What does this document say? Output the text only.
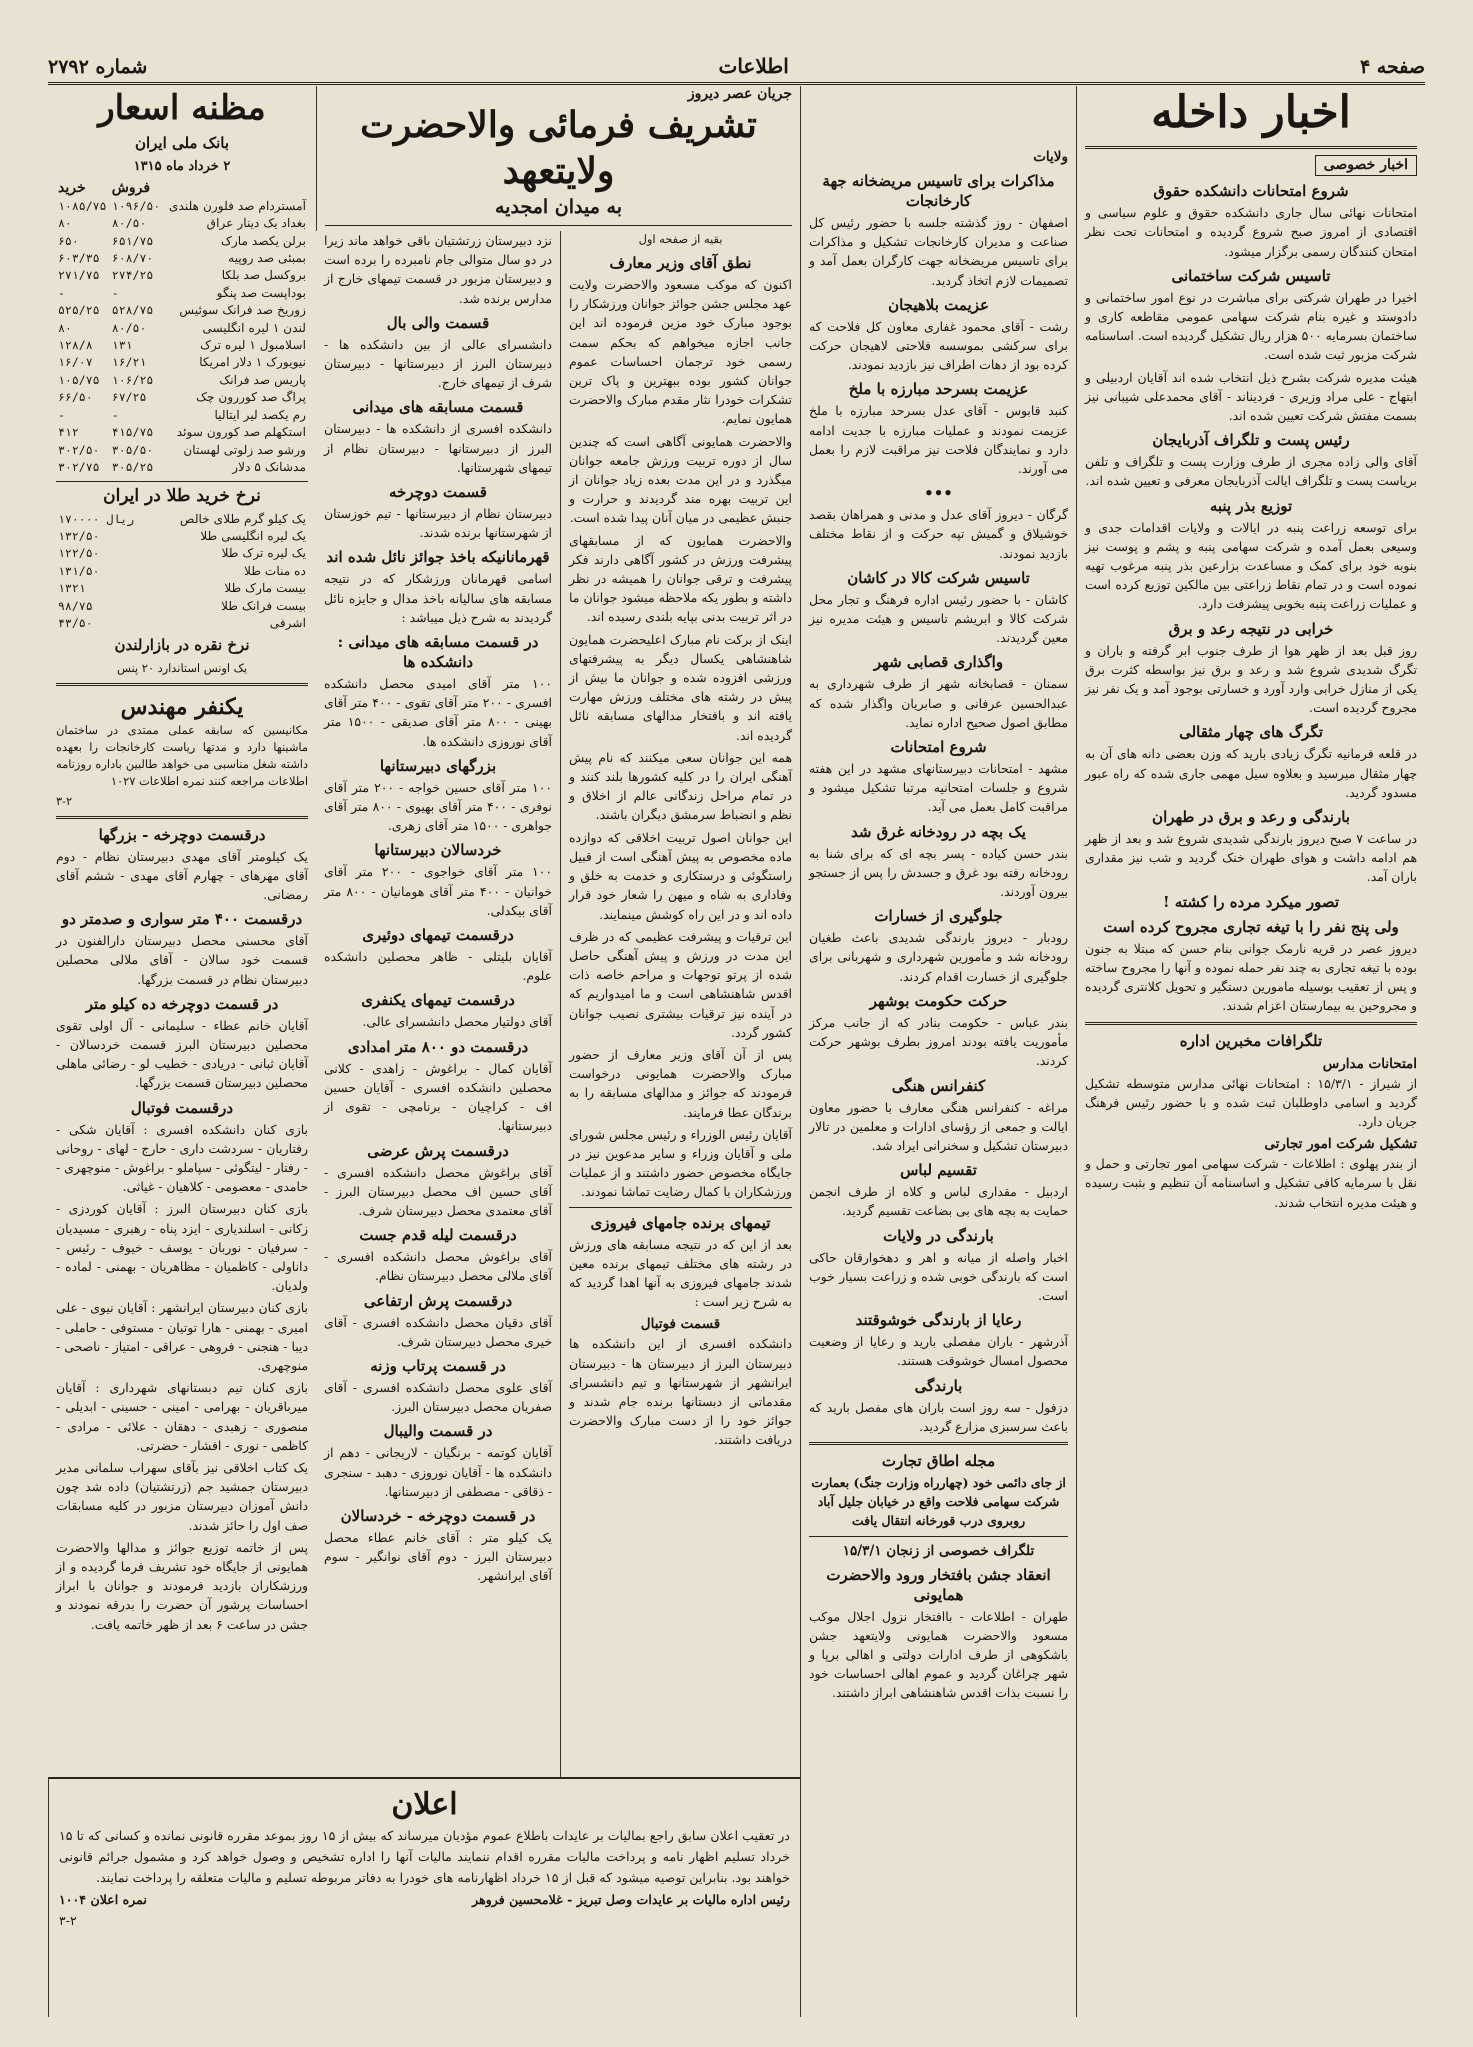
صفحه ۴
اطلاعات
شماره ۲۷۹۲
اخبار داخله
اخبار خصوصی
شروع امتحانات دانشکده حقوق

امتحانات نهائی سال جاری دانشکده حقوق و علوم سیاسی و اقتصادی از امروز صبح شروع گردیده و امتحانات تحت نظر امتحان کنندگان رسمی برگزار میشود.

تاسیس شرکت ساختمانی

اخیرا در طهران شرکتی برای مباشرت در نوع امور ساختمانی و دادوستد و غیره بنام شرکت سهامی عمومی مقاطعه کاری و ساختمان بسرمایه ۵۰۰ هزار ریال تشکیل گردیده است. اساسنامه شرکت مزبور ثبت شده است.

هیئت مدیره شرکت بشرح ذیل انتخاب شده اند آقایان اردبیلی و ابتهاج - علی مراد وزیری - فردیناند - آقای محمدعلی شیبانی نیز بسمت مفتش شرکت تعیین شده اند.

رئیس پست و تلگراف آذربایجان

آقای والی زاده مجری از طرف وزارت پست و تلگراف و تلفن بریاست پست و تلگراف ایالت آذربایجان معرفی و تعیین شده اند.

توزیع بذر پنبه

برای توسعه زراعت پنبه در ایالات و ولایات اقدامات جدی و وسیعی بعمل آمده و شرکت سهامی پنبه و پشم و پوست نیز بنوبه خود برای کمک و مساعدت بزارعین بذر پنبه مرغوب تهیه نموده است و در تمام نقاط زراعتی بین مالکین توزیع کرده است و عملیات زراعت پنبه بخوبی پیشرفت دارد.

خرابی در نتیجه رعد و برق

روز قبل بعد از ظهر هوا از طرف جنوب ابر گرفته و باران و تگرگ شدیدی شروع شد و رعد و برق نیز بواسطه کثرت برق یکی از منازل خرابی وارد آورد و خسارتی بوجود آمد و یک نفر نیز مجروح گردیده است.

تگرگ های چهار مثقالی

در قلعه فرمانیه تگرگ زیادی بارید که وزن بعضی دانه های آن به چهار مثقال میرسید و بعلاوه سیل مهمی جاری شده که راه عبور مسدود گردید.

بارندگی و رعد و برق در طهران

در ساعت ۷ صبح دیروز بارندگی شدیدی شروع شد و بعد از ظهر هم ادامه داشت و هوای طهران خنک گردید و شب نیز مقداری باران آمد.

تصور میکرد مرده را کشته !
ولی پنج نفر را با تیغه تجاری مجروح کرده است

دیروز عصر در قریه نارمک جوانی بنام حسن که مبتلا به جنون بوده با تیغه تجاری به چند نفر حمله نموده و آنها را مجروح ساخته و پس از تعقیب بوسیله مامورین دستگیر و تحویل کلانتری گردیده و مجروحین به بیمارستان اعزام شدند.

تلگرافات مخبرین اداره
امتحانات مدارس

از شیراز - ۱۵/۳/۱ : امتحانات نهائی مدارس متوسطه تشکیل گردید و اسامی داوطلبان ثبت شده و با حضور رئیس فرهنگ جریان دارد.

تشکیل شرکت امور تجارتی

از بندر پهلوی : اطلاعات - شرکت سهامی امور تجارتی و حمل و نقل با سرمایه کافی تشکیل و اساسنامه آن تنظیم و بثبت رسیده و هیئت مدیره انتخاب شدند.

ولایات
مذاکرات برای تاسیس مریضخانه جهة کارخانجات

اصفهان - روز گذشته جلسه با حضور رئیس کل صناعت و مدیران کارخانجات تشکیل و مذاکرات برای تاسیس مریضخانه جهت کارگران بعمل آمد و تصمیمات لازم اتخاذ گردید.

عزیمت بلاهیجان

رشت - آقای محمود غفاری معاون کل فلاحت که برای سرکشی بموسسه فلاحتی لاهیجان حرکت کرده بود از دهات اطراف نیز بازدید نمودند.

عزیمت بسرحد مبارزه با ملخ

کنبد قابوس - آقای عدل بسرحد مبارزه با ملخ عزیمت نمودند و عملیات مبارزه با جدیت ادامه دارد و نمایندگان فلاحت نیز مراقبت لازم را بعمل می آورند.

•••

گرگان - دیروز آقای عدل و مدنی و همراهان بقصد خوشیلاق و گمیش تپه حرکت و از نقاط مختلف بازدید نمودند.

تاسیس شرکت کالا در کاشان

کاشان - با حضور رئیس اداره فرهنگ و تجار محل شرکت کالا و ابریشم تاسیس و هیئت مدیره نیز معین گردیدند.

واگذاری قصابی شهر

سمنان - قصابخانه شهر از طرف شهرداری به عبدالحسین عرفانی و صابریان واگذار شده که مطابق اصول صحیح اداره نماید.

شروع امتحانات

مشهد - امتحانات دبیرستانهای مشهد در این هفته شروع و جلسات امتحانیه مرتبا تشکیل میشود و مراقبت کامل بعمل می آید.

یک بچه در رودخانه غرق شد

بندر حسن کیاده - پسر بچه ای که برای شنا به رودخانه رفته بود غرق و جسدش را پس از جستجو بیرون آوردند.

جلوگیری از خسارات

رودبار - دیروز بارندگی شدیدی باعث طغیان رودخانه شد و مأمورین شهرداری و شهربانی برای جلوگیری از خسارت اقدام کردند.

حرکت حکومت بوشهر

بندر عباس - حکومت بنادر که از جانب مرکز مأموریت یافته بودند امروز بطرف بوشهر حرکت کردند.

کنفرانس هنگی

مراغه - کنفرانس هنگی معارف با حضور معاون ایالت و جمعی از رؤسای ادارات و معلمین در تالار دبیرستان تشکیل و سخنرانی ایراد شد.

تقسیم لباس

اردبیل - مقداری لباس و کلاه از طرف انجمن حمایت به بچه های بی بضاعت تقسیم گردید.

بارندگی در ولایات

اخبار واصله از میانه و اهر و دهخوارقان حاکی است که بارندگی خوبی شده و زراعت بسیار خوب است.

رعایا از بارندگی خوشوقتند

آذرشهر - باران مفصلی بارید و رعایا از وضعیت محصول امسال خوشوقت هستند.

بارندگی

دزفول - سه روز است باران های مفصل بارید که باعث سرسبزی مزارع گردید.

مجله اطاق تجارت

از جای دائمی خود (چهارراه وزارت جنگ) بعمارت شرکت سهامی فلاحت واقع در خیابان جلیل آباد روبروی درب قورخانه انتقال یافت

تلگراف خصوصی از زنجان ۱۵/۳/۱
انعقاد جشن بافتخار ورود والاحضرت همایونی

طهران - اطلاعات - باافتخار نزول اجلال موکب مسعود والاحضرت همایونی ولایتعهد جشن باشکوهی از طرف ادارات دولتی و اهالی برپا و شهر چراغان گردید و عموم اهالی احساسات خود را نسبت بذات اقدس شاهنشاهی ابراز داشتند.

جریان عصر دیروز
تشریف فرمائی والاحضرت ولایتعهد
به میدان امجدیه

بقیه از صفحه اول

نطق آقای وزیر معارف

اکنون که موکب مسعود والاحضرت ولایت عهد مجلس جشن جوائز جوانان ورزشکار را بوجود مبارک خود مزین فرموده اند این جانب اجازه میخواهم که بحکم سمت رسمی خود ترجمان احساسات عموم جوانان کشور بوده ببهترین و پاک ترین تشکرات خودرا نثار مقدم مبارک والاحضرت همایون نمایم.

والاحضرت همایونی آگاهی است که چندین سال از دوره تربیت ورزش جامعه جوانان میگذرد و در این مدت بعده زیاد جوانان از این تربیت بهره مند گردیدند و حرارت و جنبش عظیمی در میان آنان پیدا شده است.

والاحضرت همایون که از مسابقهای پیشرفت ورزش در کشور آگاهی دارند فکر پیشرفت و ترقی جوانان را همیشه در نظر داشته و بطور یکه ملاحظه میشود جوانان ما در اثر تربیت بدنی بپایه بلندی رسیده اند.

اینک از برکت نام مبارک اعلیحضرت همایون شاهنشاهی یکسال دیگر به پیشرفتهای ورزشی افزوده شده و جوانان ما بیش از پیش در رشته های مختلف ورزش مهارت یافته اند و بافتخار مدالهای مسابقه نائل گردیده اند.

همه این جوانان سعی میکنند که نام پیش آهنگی ایران را در کلیه کشورها بلند کنند و در تمام مراحل زندگانی عالم از اخلاق و نظم و انضباط سرمشق دیگران باشند.

این جوانان اصول تربیت اخلاقی که دوازده ماده مخصوص به پیش آهنگی است از قبیل راستگوئی و درستکاری و خدمت به خلق و وفاداری به شاه و میهن را شعار خود قرار داده اند و در این راه کوشش مینمایند.

این ترقیات و پیشرفت عظیمی که در ظرف این مدت در ورزش و پیش آهنگی حاصل شده از پرتو توجهات و مراحم خاصه ذات اقدس شاهنشاهی است و ما امیدواریم که در آینده نیز ترقیات بیشتری نصیب جوانان کشور گردد.

پس از آن آقای وزیر معارف از حضور مبارک والاحضرت همایونی درخواست فرمودند که جوائز و مدالهای مسابقه را به برندگان عطا فرمایند.

آقایان رئیس الوزراء و رئیس مجلس شورای ملی و آقایان وزراء و سایر مدعوین نیز در جایگاه مخصوص حضور داشتند و از عملیات ورزشکاران با کمال رضایت تماشا نمودند.

تیمهای برنده جامهای فیروزی

بعد از این که در نتیجه مسابقه های ورزش در رشته های مختلف تیمهای برنده معین شدند جامهای فیروزی به آنها اهدا گردید که به شرح زیر است :

قسمت فوتبال

دانشکده افسری از این دانشکده ها دبیرستان البرز از دبیرستان ها - دبیرستان ایرانشهر از شهرستانها و تیم دانشسرای مقدماتی از دبستانها برنده جام شدند و جوائز خود را از دست مبارک والاحضرت دریافت داشتند.

نزد دبیرستان زرتشتیان باقی خواهد ماند زیرا در دو سال متوالی جام نامبرده را برده است و دبیرستان مزبور در قسمت تیمهای خارج از مدارس برنده شد.

قسمت والی بال

دانشسرای عالی از بین دانشکده ها - دبیرستان البرز از دبیرستانها - دبیرستان شرف از تیمهای خارج.

قسمت مسابقه های میدانی

دانشکده افسری از دانشکده ها - دبیرستان البرز از دبیرستانها - دبیرستان نظام از تیمهای شهرستانها.

قسمت دوچرخه

دبیرستان نظام از دبیرستانها - تیم خوزستان از شهرستانها برنده شدند.

قهرمانانیکه باخذ جوائز نائل شده اند

اسامی قهرمانان ورزشکار که در نتیجه مسابقه های سالیانه باخذ مدال و جایزه نائل گردیدند به شرح ذیل میباشد :

در قسمت مسابقه های میدانی : دانشکده ها

۱۰۰ متر آقای امیدی محصل دانشکده افسری - ۲۰۰ متر آقای تقوی - ۴۰۰ متر آقای بهینی - ۸۰۰ متر آقای صدیقی - ۱۵۰۰ متر آقای نوروزی دانشکده ها.

بزرگهای دبیرستانها

۱۰۰ متر آقای حسین خواجه - ۲۰۰ متر آقای نوفری - ۴۰۰ متر آقای بهیوی - ۸۰۰ متر آقای جواهری - ۱۵۰۰ متر آقای زهری.

خردسالان دبیرستانها

۱۰۰ متر آقای خواجوی - ۲۰۰ متر آقای خوانیان - ۴۰۰ متر آقای هومانیان - ۸۰۰ متر آقای بیکدلی.

درقسمت تیمهای دوئیری

آقایان بلیتلی - ظاهر محصلین دانشکده علوم.

درقسمت تیمهای یکنفری

آقای دولتیار محصل دانشسرای عالی.

درقسمت دو ۸۰۰ متر امدادی

آقایان کمال - براغوش - زاهدی - کلانی محصلین دانشکده افسری - آقایان حسین اف - کراچیان - برنامچی - تقوی از دبیرستانها.

درقسمت پرش عرضی

آقای براغوش محصل دانشکده افسری - آقای حسین اف محصل دبیرستان البرز - آقای معتمدی محصل دبیرستان شرف.

درقسمت لیله قدم جست

آقای براغوش محصل دانشکده افسری - آقای ملالی محصل دبیرستان نظام.

درقسمت پرش ارتفاعی

آقای دقیان محصل دانشکده افسری - آقای خیری محصل دبیرستان شرف.

در قسمت پرتاب وزنه

آقای علوی محصل دانشکده افسری - آقای صفریان محصل دبیرستان البرز.

در قسمت والیبال

آقایان کوتمه - برنگیان - لاریجانی - دهم از دانشکده ها - آقایان نوروزی - دهبد - سنجری - ذقاقی - مصطفی از دبیرستانها.

در قسمت دوچرخه - خردسالان

یک کیلو متر : آقای خانم عطاء محصل دبیرستان البرز - دوم آقای نوانگیر - سوم آقای ایرانشهر.

مظنه اسعار
بانک ملی ایران
۲ خرداد ماه ۱۳۱۵
	فروش	خرید
آمستردام صد فلورن هلندی	۱۰۹۶/۵۰	۱۰۸۵/۷۵
بغداد یک دینار عراق	۸۰/۵۰	۸۰
برلن یکصد مارک	۶۵۱/۷۵	۶۵۰
بمبئی صد روپیه	۶۰۸/۷۰	۶۰۳/۳۵
بروکسل صد بلکا	۲۷۴/۲۵	۲۷۱/۷۵
بوداپست صد پنگو	-	-
زوریخ صد فرانک سوئیس	۵۲۸/۷۵	۵۲۵/۲۵
لندن ۱ لیره انگلیسی	۸۰/۵۰	۸۰
اسلامبول ۱ لیره ترک	۱۳۱	۱۲۸/۸
نیویورک ۱ دلار امریکا	۱۶/۲۱	۱۶/۰۷
پاریس صد فرانک	۱۰۶/۲۵	۱۰۵/۷۵
پراگ صد کوررون چک	۶۷/۲۵	۶۶/۵۰
رم یکصد لیر ایتالیا	-	-
استکهلم صد کورون سوئد	۴۱۵/۷۵	۴۱۲
ورشو صد زلوتی لهستان	۳۰۵/۵۰	۳۰۲/۵۰
مدشانک ۵ دلار	۳۰۵/۲۵	۳۰۲/۷۵
نرخ خرید طلا در ایران
یک کیلو گرم طلای خالص	۱۷۰۰۰۰ ریال
یک لیره انگلیسی طلا	۱۳۲/۵۰
یک لیره ترک طلا	۱۲۲/۵۰
ده منات طلا	۱۳۱/۵۰
بیست مارک طلا	۱۳۲۱
بیست فرانک طلا	۹۸/۷۵
اشرفی	۴۳/۵۰
نرخ نقره در بازارلندن

یک اونس استاندارد ۲۰ پنس

یکنفر مهندس

مکانیسین که سابقه عملی ممتدی در ساختمان ماشینها دارد و مدتها ریاست کارخانجات را بعهده داشته شغل مناسبی می خواهد طالبین باداره روزنامه اطلاعات مراجعه کنند نمره اطلاعات ۱۰۲۷

۳-۲

درقسمت دوچرخه - بزرگها

یک کیلومتر آقای مهدی دبیرستان نظام - دوم آقای مهرهای - چهارم آقای مهدی - ششم آقای رمضانی.

درقسمت ۴۰۰ متر سواری و صدمتر دو

آقای محسنی محصل دبیرستان دارالفنون در قسمت خود سالان - آقای ملالی محصلین دبیرستان نظام در قسمت بزرگها.

در قسمت دوچرخه ده کیلو متر

آقایان خانم عطاء - سلیمانی - آل اولی تقوی محصلین دبیرستان البرز قسمت خردسالان - آقایان ثبانی - دریادی - خطیب لو - رضائی ماهلی محصلین دبیرستان قسمت بزرگها.

درقسمت فوتبال

بازی کنان دانشکده افسری : آقایان شکی - رفتاریان - سردشت داری - حارج - لهای - روحانی - رفتار - لیتگوئی - سپاملو - براغوش - منوچهری - حامدی - معصومی - کلاهیان - غیاثی.

بازی کنان دبیرستان البرز : آقایان کوردزی - زکانی - اسلندیاری - ایزد پناه - رهبری - مسیدیان - سرفیان - نوربان - یوسف - خیوف - رئیس - داناولی - کاظمیان - مظاهریان - بهمنی - لماده - ولدیان.

بازی کنان دبیرستان ایرانشهر : آقایان نیوی - علی امیری - بهمنی - هارا توتیان - مستوفی - حاملی - دیبا - هنجنی - فروهی - عراقی - امتیاز - ناصحی - منوچهری.

بازی کنان تیم دبستانهای شهرداری : آقایان میرباقریان - بهرامی - امینی - حسینی - ابدیلی - منصوری - زهبدی - دهقان - علائی - مرادی - کاظمی - نوری - افشار - حضرتی.

یک کتاب اخلاقی نیز بآقای سهراب سلمانی مدیر دبیرستان جمشید جم (زرتشتیان) داده شد چون دانش آموزان دبیرستان مزبور در کلیه مسابقات صف اول را حائز شدند.

پس از خاتمه توزیع جوائز و مدالها والاحضرت همایونی از جایگاه خود تشریف فرما گردیده و از ورزشکاران بازدید فرمودند و جوانان با ابراز احساسات پرشور آن حضرت را بدرقه نمودند و جشن در ساعت ۶ بعد از ظهر خاتمه یافت.

اعلان

در تعقیب اعلان سابق راجع بمالیات بر عایدات باطلاع عموم مؤدیان میرساند که بیش از ۱۵ روز بموعد مقرره قانونی نمانده و کسانی که تا ۱۵ خرداد تسلیم اظهار نامه و پرداخت مالیات مقرره اقدام ننمایند مالیات آنها را اداره تشخیص و وصول خواهد کرد و مشمول جرائم قانونی خواهند بود. بنابراین توصیه میشود که قبل از ۱۵ خرداد اظهارنامه های خودرا به دفاتر مربوطه تسلیم و مالیات متعلقه را پرداخت نمایند.

رئیس اداره مالیات بر عایدات وصل تبریز - غلامحسین فروهر
نمره اعلان ۱۰۰۴
۳-۲
